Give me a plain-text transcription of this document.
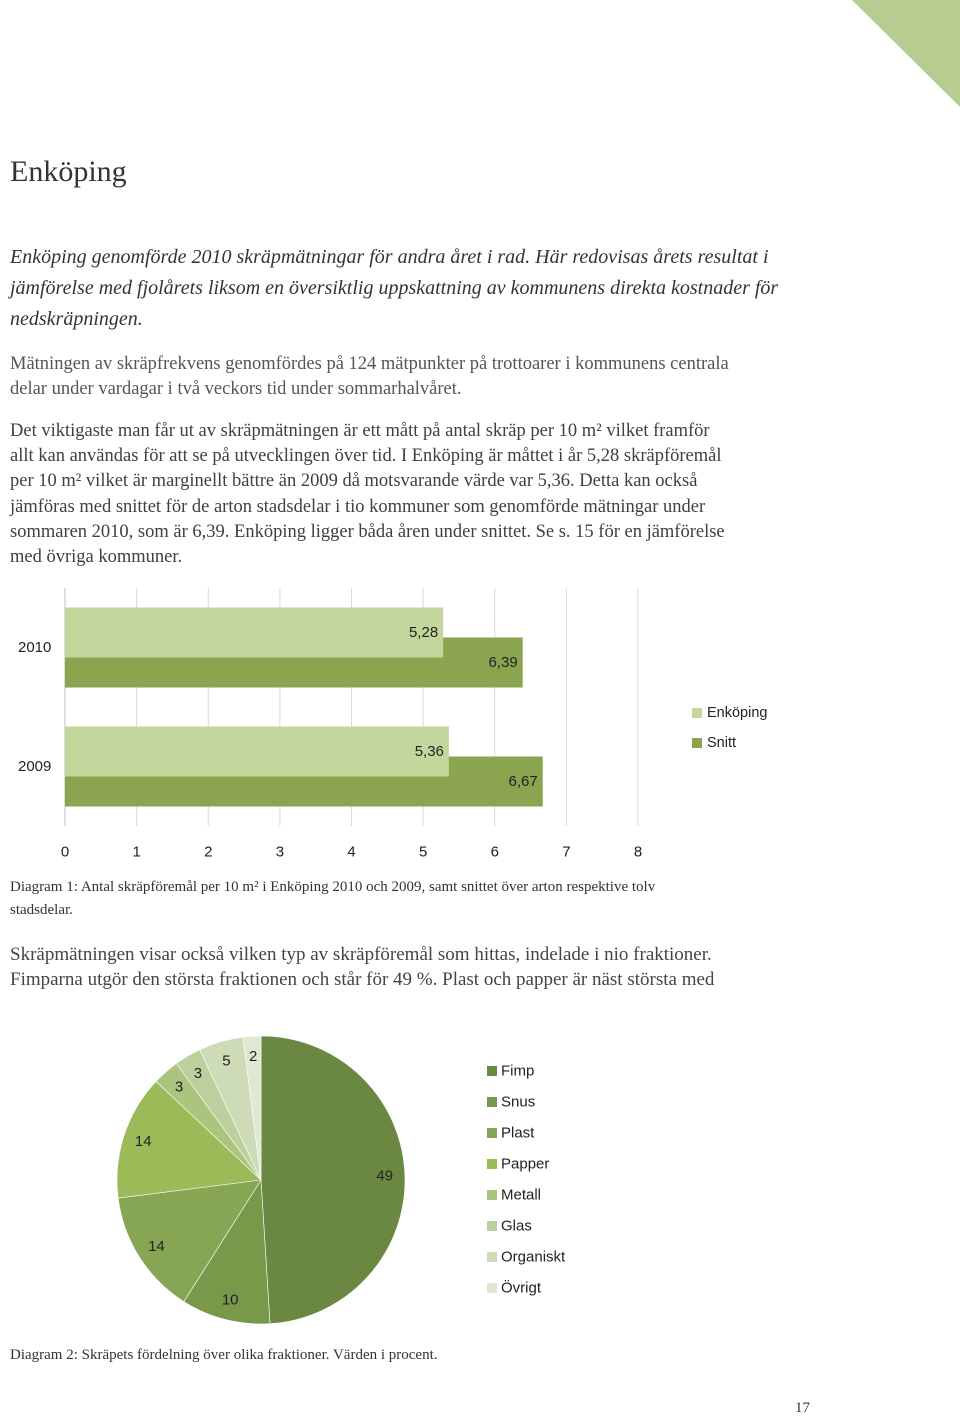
Enköping
Enköping genomförde 2010 skräpmätningar för andra året i rad. Här redovisas årets resultat i
jämförelse med fjolårets liksom en översiktlig uppskattning av kommunens direkta kostnader för
nedskräpningen.
Mätningen av skräpfrekvens genomfördes på 124 mätpunkter på trottoarer i kommunens centrala
delar under vardagar i två veckors tid under sommarhalvåret.
Det viktigaste man får ut av skräpmätningen är ett mått på antal skräp per 10 m² vilket framför
allt kan användas för att se på utvecklingen över tid. I Enköping är måttet i år 5,28 skräpföremål
per 10 m² vilket är marginellt bättre än 2009 då motsvarande värde var 5,36. Detta kan också
jämföras med snittet för de arton stadsdelar i tio kommuner som genomförde mätningar under
sommaren 2010, som är 6,39. Enköping ligger båda åren under snittet. Se s. 15 för en jämförelse
med övriga kommuner.
0	1	2	3	4	5	6	7	8
2010
2009
5,28
5,36
6,39
6,67
Enköping
Snitt
Diagram 1: Antal skräpföremål per 10 m² i Enköping 2010 och 2009, samt snittet över arton respektive tolv
stadsdelar.
Skräpmätningen visar också vilken typ av skräpföremål som hittas, indelade i nio fraktioner.
Fimparna utgör den största fraktionen och står för 49 %. Plast och papper är näst största med
49
10
14
14
3
3
5 2
Fimp
Snus
Plast
Papper
Metall
Glas
Organiskt
Övrigt
Diagram 2: Skräpets fördelning över olika fraktioner. Värden i procent.
17
